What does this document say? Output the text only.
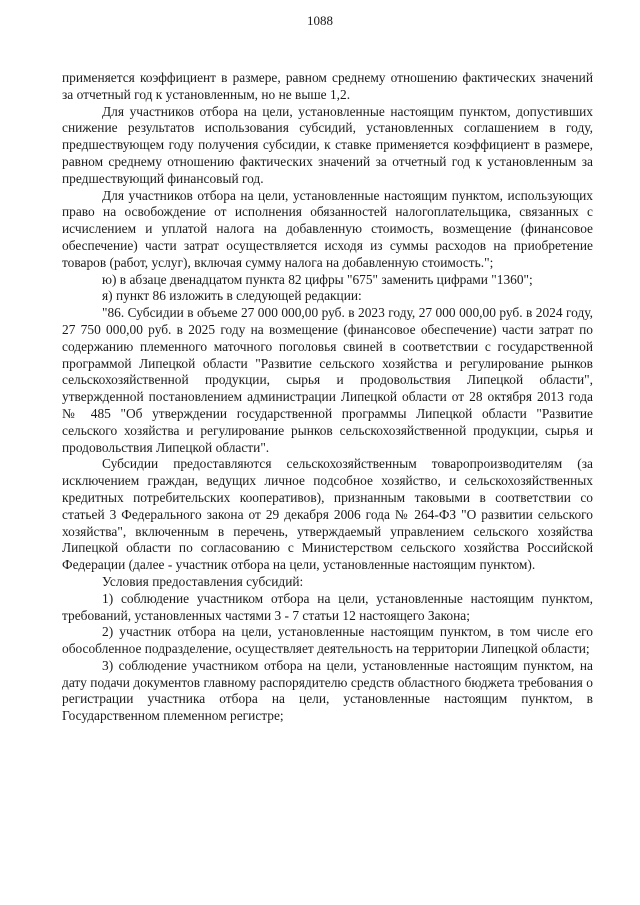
1088

применяется коэффициент в размере, равном среднему отношению фактических значений за отчетный год к установленным, но не выше 1,2.

Для участников отбора на цели, установленные настоящим пунктом, допустивших снижение результатов использования субсидий, установленных соглашением в году, предшествующем году получения субсидии, к ставке применяется коэффициент в размере, равном среднему отношению фактических значений за отчетный год к установленным за предшествующий финансовый год.

Для участников отбора на цели, установленные настоящим пунктом, использующих право на освобождение от исполнения обязанностей налогоплательщика, связанных с исчислением и уплатой налога на добавленную стоимость, возмещение (финансовое обеспечение) части затрат осуществляется исходя из суммы расходов на приобретение товаров (работ, услуг), включая сумму налога на добавленную стоимость.";

ю) в абзаце двенадцатом пункта 82 цифры "675" заменить цифрами "1360";

я) пункт 86 изложить в следующей редакции:

"86. Субсидии в объеме 27 000 000,00 руб. в 2023 году, 27 000 000,00 руб. в 2024 году, 27 750 000,00 руб. в 2025 году на возмещение (финансовое обеспечение) части затрат по содержанию племенного маточного поголовья свиней в соответствии с государственной программой Липецкой области "Развитие сельского хозяйства и регулирование рынков сельскохозяйственной продукции, сырья и продовольствия Липецкой области", утвержденной постановлением администрации Липецкой области от 28 октября 2013 года № 485 "Об утверждении государственной программы Липецкой области "Развитие сельского хозяйства и регулирование рынков сельскохозяйственной продукции, сырья и продовольствия Липецкой области".

Субсидии предоставляются сельскохозяйственным товаропроизводителям (за исключением граждан, ведущих личное подсобное хозяйство, и сельскохозяйственных кредитных потребительских кооперативов), признанным таковыми в соответствии со статьей 3 Федерального закона от 29 декабря 2006 года № 264-ФЗ "О развитии сельского хозяйства", включенным в перечень, утверждаемый управлением сельского хозяйства Липецкой области по согласованию с Министерством сельского хозяйства Российской Федерации (далее - участник отбора на цели, установленные настоящим пунктом).

Условия предоставления субсидий:

1) соблюдение участником отбора на цели, установленные настоящим пунктом, требований, установленных частями 3 - 7 статьи 12 настоящего Закона;

2) участник отбора на цели, установленные настоящим пунктом, в том числе его обособленное подразделение, осуществляет деятельность на территории Липецкой области;

3) соблюдение участником отбора на цели, установленные настоящим пунктом, на дату подачи документов главному распорядителю средств областного бюджета требования о регистрации участника отбора на цели, установленные настоящим пунктом, в Государственном племенном регистре;
